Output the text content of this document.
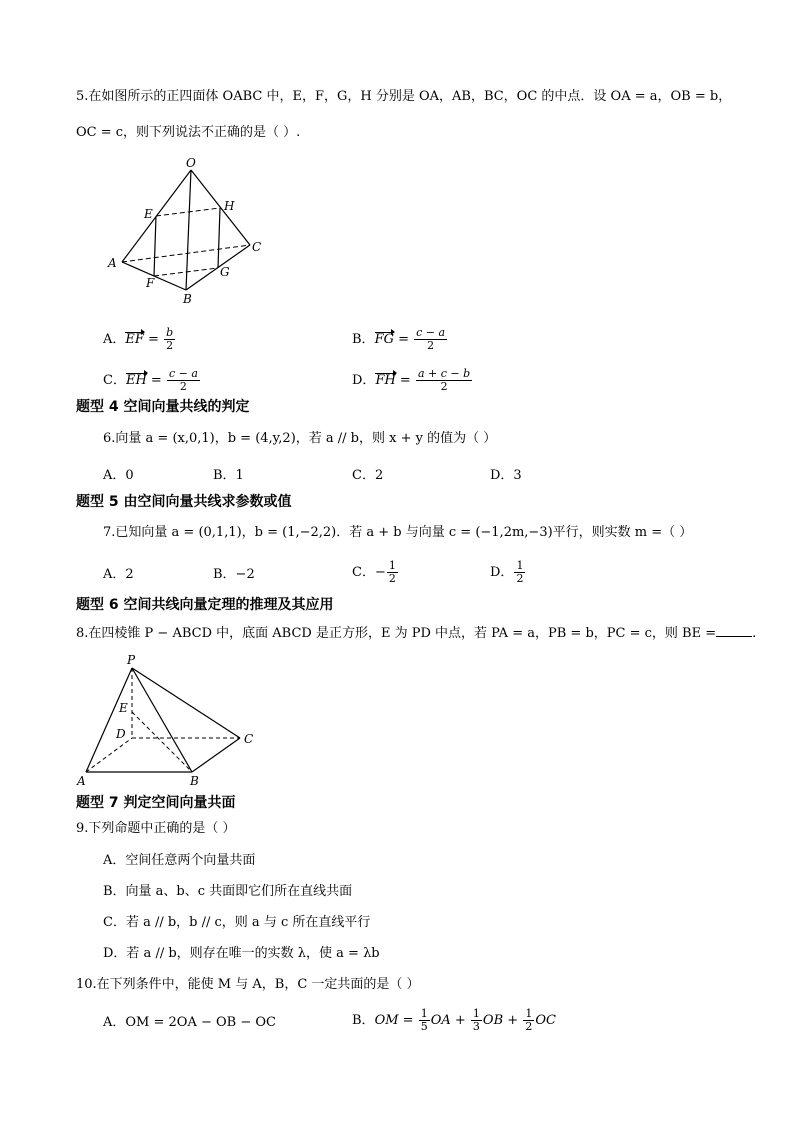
5.在如图所示的正四面体 OABC 中，E，F，G，H 分别是 OA，AB，BC，OC 的中点．设 OA = a，OB = b，
OC = c，则下列说法不正确的是（ ）.
O
E
H
A
C
G
F
B
A．EF = $\frac{b}{2}$	B．FG = $\frac{c - a}{2}$
C．EH = $\frac{c - a}{2}$	D．FH = $\frac{a + c - b}{2}$
题型 4 空间向量共线的判定
6.向量 a = (x,0,1)，b = (4,y,2)，若 a // b，则 x + y 的值为（ ）
A．0	B．1	C．2	D．3
题型 5 由空间向量共线求参数或值
7.已知向量 a = (0,1,1)，b = (1,−2,2)．若 a + b 与向量 c = (−1,2m,−3)平行，则实数 m =（ ）
A．2	B．−2	C．− $\frac{1}{2}$	D． $\frac{1}{2}$
题型 6 空间共线向量定理的推理及其应用
8.在四棱锥 P − ABCD 中，底面 ABCD 是正方形，E 为 PD 中点，若 PA = a，PB = b，PC = c，则 BE =	.
P
E
D	C
A	B
题型 7 判定空间向量共面
9.下列命题中正确的是（ ）
A．空间任意两个向量共面
B．向量 a、b、c 共面即它们所在直线共面
C．若 a // b，b // c，则 a 与 c 所在直线平行
D．若 a // b，则存在唯一的实数 λ，使 a = λb
10.在下列条件中，能使 M 与 A，B，C 一定共面的是（ ）
A．OM = 2OA − OB − OC	B．OM = $\frac{1}{5}$ OA + $\frac{1}{3}$ OB + $\frac{1}{2}$ OC
